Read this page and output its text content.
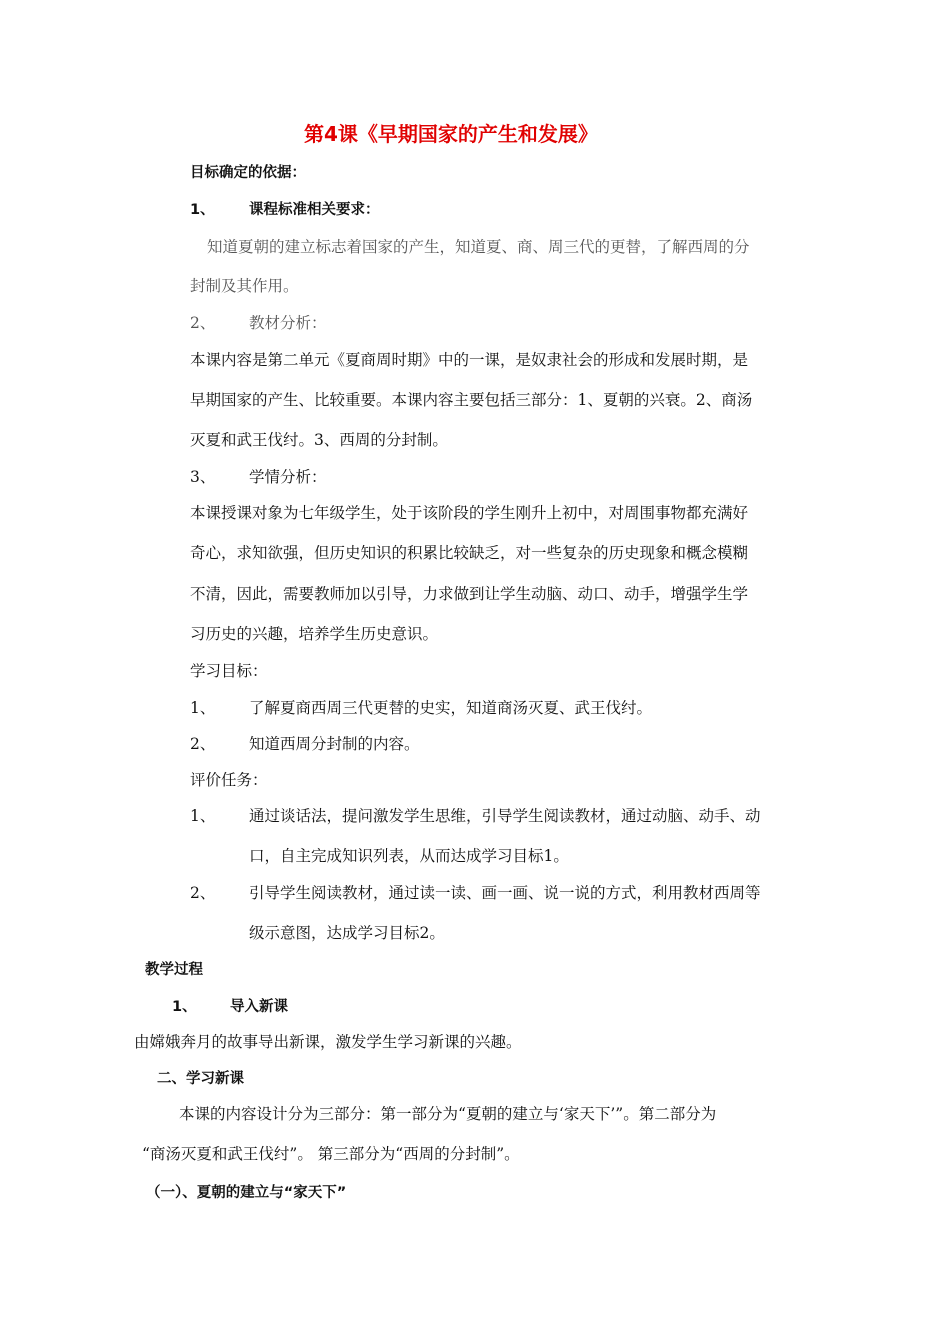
第4课《早期国家的产生和发展》
目标确定的依据：
1、 课程标准相关要求：
知道夏朝的建立标志着国家的产生，知道夏、商、周三代的更替，了解西周的分
封制及其作用。
2、 教材分析：
本课内容是第二单元《夏商周时期》中的一课，是奴隶社会的形成和发展时期，是
早期国家的产生、比较重要。本课内容主要包括三部分：1、夏朝的兴衰。2、商汤
灭夏和武王伐纣。3、西周的分封制。
3、 学情分析：
本课授课对象为七年级学生，处于该阶段的学生刚升上初中，对周围事物都充满好
奇心，求知欲强，但历史知识的积累比较缺乏，对一些复杂的历史现象和概念模糊
不清，因此，需要教师加以引导，力求做到让学生动脑、动口、动手，增强学生学
习历史的兴趣，培养学生历史意识。
学习目标：
1、 了解夏商西周三代更替的史实，知道商汤灭夏、武王伐纣。
2、 知道西周分封制的内容。
评价任务：
1、 通过谈话法，提问激发学生思维，引导学生阅读教材，通过动脑、动手、动
口，自主完成知识列表，从而达成学习目标1。
2、 引导学生阅读教材，通过读一读、画一画、说一说的方式，利用教材西周等
级示意图，达成学习目标2。
教学过程
1、 导入新课
由嫦娥奔月的故事导出新课，激发学生学习新课的兴趣。
二、学习新课
本课的内容设计分为三部分：第一部分为“夏朝的建立与‘家天下’”。第二部分为
“商汤灭夏和武王伐纣”。 第三部分为“西周的分封制”。
（一）、夏朝的建立与“家天下”
